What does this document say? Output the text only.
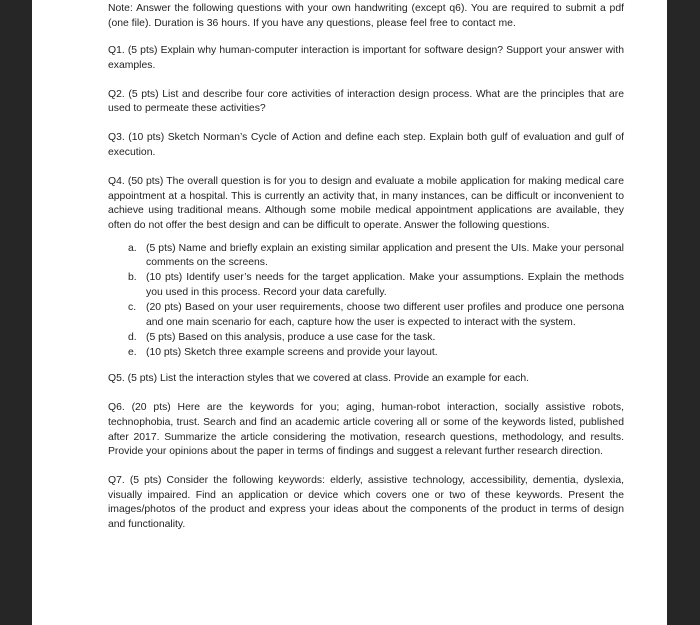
Note: Answer the following questions with your own handwriting (except q6). You are required to submit a pdf (one file). Duration is 36 hours. If you have any questions, please feel free to contact me.

Q1. (5 pts) Explain why human-computer interaction is important for software design? Support your answer with examples.

Q2. (5 pts) List and describe four core activities of interaction design process. What are the principles that are used to permeate these activities?

Q3. (10 pts) Sketch Norman’s Cycle of Action and define each step. Explain both gulf of evaluation and gulf of execution.

Q4. (50 pts) The overall question is for you to design and evaluate a mobile application for making medical care appointment at a hospital. This is currently an activity that, in many instances, can be difficult or inconvenient to achieve using traditional means. Although some mobile medical appointment applications are available, they often do not offer the best design and can be difficult to operate. Answer the following questions.

a. (5 pts) Name and briefly explain an existing similar application and present the UIs. Make your personal comments on the screens.
b. (10 pts) Identify user’s needs for the target application. Make your assumptions. Explain the methods you used in this process. Record your data carefully.
c. (20 pts) Based on your user requirements, choose two different user profiles and produce one persona and one main scenario for each, capture how the user is expected to interact with the system.
d. (5 pts) Based on this analysis, produce a use case for the task.
e. (10 pts) Sketch three example screens and provide your layout.

Q5. (5 pts) List the interaction styles that we covered at class. Provide an example for each.

Q6. (20 pts) Here are the keywords for you; aging, human-robot interaction, socially assistive robots, technophobia, trust. Search and find an academic article covering all or some of the keywords listed, published after 2017. Summarize the article considering the motivation, research questions, methodology, and results. Provide your opinions about the paper in terms of findings and suggest a relevant further research direction.

Q7. (5 pts) Consider the following keywords: elderly, assistive technology, accessibility, dementia, dyslexia, visually impaired. Find an application or device which covers one or two of these keywords. Present the images/photos of the product and express your ideas about the components of the product in terms of design and functionality.
